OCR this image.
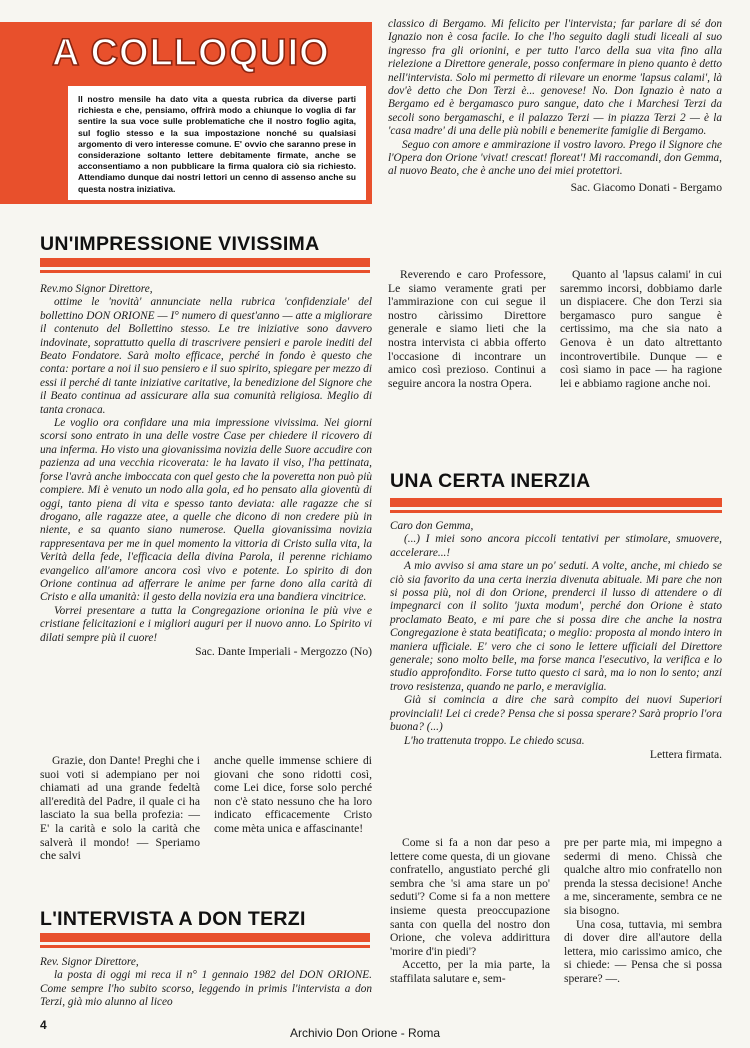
A COLLOQUIO
Il nostro mensile ha dato vita a questa rubrica da diverse parti richiesta e che, pensiamo, offrirà modo a chiunque lo voglia di far sentire la sua voce sulle problematiche che il nostro foglio agita, sul foglio stesso e la sua impostazione nonché su qualsiasi argomento di vero interesse comune. E' ovvio che saranno prese in considerazione soltanto lettere debitamente firmate, anche se acconsentiamo a non pubblicare la firma qualora ciò sia richiesto. Attendiamo dunque dai nostri lettori un cenno di assenso anche su questa nostra iniziativa.

classico di Bergamo. Mi felicito per l'intervista; far parlare di sé don Ignazio non è cosa facile. Io che l'ho seguito dagli studi liceali al suo ingresso fra gli orionini, e per tutto l'arco della sua vita fino alla rielezione a Direttore generale, posso confermare in pieno quanto è detto nell'intervista. Solo mi permetto di rilevare un enorme 'lapsus calami', là dov'è detto che Don Terzi è... genovese! No. Don Ignazio è nato a Bergamo ed è bergamasco puro sangue, dato che i Marchesi Terzi da secoli sono bergamaschi, e il palazzo Terzi — in piazza Terzi 2 — è la 'casa madre' di una delle più nobili e benemerite famiglie di Bergamo.

Seguo con amore e ammirazione il vostro lavoro. Prego il Signore che l'Opera don Orione 'vivat! crescat! floreat'! Mi raccomandi, don Gemma, al nuovo Beato, che è anche uno dei miei protettori.

Sac. Giacomo Donati - Bergamo

Reverendo e caro Professore, Le siamo veramente grati per l'ammirazione con cui segue il nostro càrissimo Direttore generale e siamo lieti che la nostra intervista ci abbia offerto l'occasione di incontrare un amico così prezioso. Continui a seguire ancora la nostra Opera.

Quanto al 'lapsus calami' in cui saremmo incorsi, dobbiamo darle un dispiacere. Che don Terzi sia bergamasco puro sangue è certissimo, ma che sia nato a Genova è un dato altrettanto incontrovertibile. Dunque — e così siamo in pace — ha ragione lei e abbiamo ragione anche noi.

UN'IMPRESSIONE VIVISSIMA

Rev.mo Signor Direttore,

ottime le 'novità' annunciate nella rubrica 'confidenziale' del bollettino DON ORIONE — I° numero di quest'anno — atte a migliorare il contenuto del Bollettino stesso. Le tre iniziative sono davvero indovinate, soprattutto quella di trascrivere pensieri e parole inediti del Beato Fondatore. Sarà molto efficace, perché in fondo è questo che conta: portare a noi il suo pensiero e il suo spirito, spiegare per mezzo di essi il perché di tante iniziative caritative, la benedizione del Signore che il Beato continua ad assicurare alla sua comunità religiosa. Meglio di tanta cronaca.

Le voglio ora confidare una mia impressione vivissima. Nei giorni scorsi sono entrato in una delle vostre Case per chiedere il ricovero di una inferma. Ho visto una giovanissima novizia delle Suore accudire con pazienza ad una vecchia ricoverata: le ha lavato il viso, l'ha pettinata, forse l'avrà anche imboccata con quel gesto che la poveretta non può più compiere. Mi è venuto un nodo alla gola, ed ho pensato alla gioventù di oggi, tanto piena di vita e spesso tanto deviata: alle ragazze che si drogano, alle ragazze atee, a quelle che dicono di non credere più in niente, e sa quanto siano numerose. Quella giovanissima novizia rappresentava per me in quel momento la vittoria di Cristo sulla vita, la Verità della fede, l'efficacia della divina Parola, il perenne richiamo evangelico all'amore ancora così vivo e potente. Lo spirito di don Orione continua ad afferrare le anime per farne dono alla carità di Cristo e alla umanità: il gesto della novizia era una bandiera vincitrice.

Vorrei presentare a tutta la Congregazione orionina le più vive e cristiane felicitazioni e i migliori auguri per il nuovo anno. Lo Spirito vi dilati sempre più il cuore!

Sac. Dante Imperiali - Mergozzo (No)

Grazie, don Dante! Preghi che i suoi voti si adempiano per noi chiamati ad una grande fedeltà all'eredità del Padre, il quale ci ha lasciato la sua bella profezia: — E' la carità e solo la carità che salverà il mondo! — Speriamo che salvi

anche quelle immense schiere di giovani che sono ridotti così, come Lei dice, forse solo perché non c'è stato nessuno che ha loro indicato efficacemente Cristo come mèta unica e affascinante!

L'INTERVISTA A DON TERZI

Rev. Signor Direttore,

la posta di oggi mi reca il n° 1 gennaio 1982 del DON ORIONE. Come sempre l'ho subito scorso, leggendo in primis l'intervista a don Terzi, già mio alunno al liceo

UNA CERTA INERZIA

Caro don Gemma,

(...) I miei sono ancora piccoli tentativi per stimolare, smuovere, accelerare...!

A mio avviso si ama stare un po' seduti. A volte, anche, mi chiedo se ciò sia favorito da una certa inerzia divenuta abituale. Mi pare che non si possa più, noi di don Orione, prenderci il lusso di attendere o di impegnarci con il solito 'juxta modum', perché don Orione è stato proclamato Beato, e mi pare che si possa dire che anche la nostra Congregazione è stata beatificata; o meglio: proposta al mondo intero in maniera ufficiale. E' vero che ci sono le lettere ufficiali del Direttore generale; sono molto belle, ma forse manca l'esecutivo, la verifica e lo studio approfondito. Forse tutto questo ci sarà, ma io non lo sento; anzi trovo resistenza, quando ne parlo, e meraviglia.

Già si comincia a dire che sarà compito dei nuovi Superiori provinciali! Lei ci crede? Pensa che si possa sperare? Sarà proprio l'ora buona? (...)

L'ho trattenuta troppo. Le chiedo scusa.

Lettera firmata.

Come si fa a non dar peso a lettere come questa, di un giovane confratello, angustiato perché gli sembra che 'si ama stare un po' seduti'? Come si fa a non mettere insieme questa preoccupazione santa con quella del nostro don Orione, che voleva addirittura 'morire d'in piedi'?

Accetto, per la mia parte, la staffilata salutare e, sem-

pre per parte mia, mi impegno a sedermi di meno. Chissà che qualche altro mio confratello non prenda la stessa decisione! Anche a me, sinceramente, sembra ce ne sia bisogno.

Una cosa, tuttavia, mi sembra di dover dire all'autore della lettera, mio carissimo amico, che si chiede: — Pensa che si possa sperare? —.

4
Archivio Don Orione - Roma
